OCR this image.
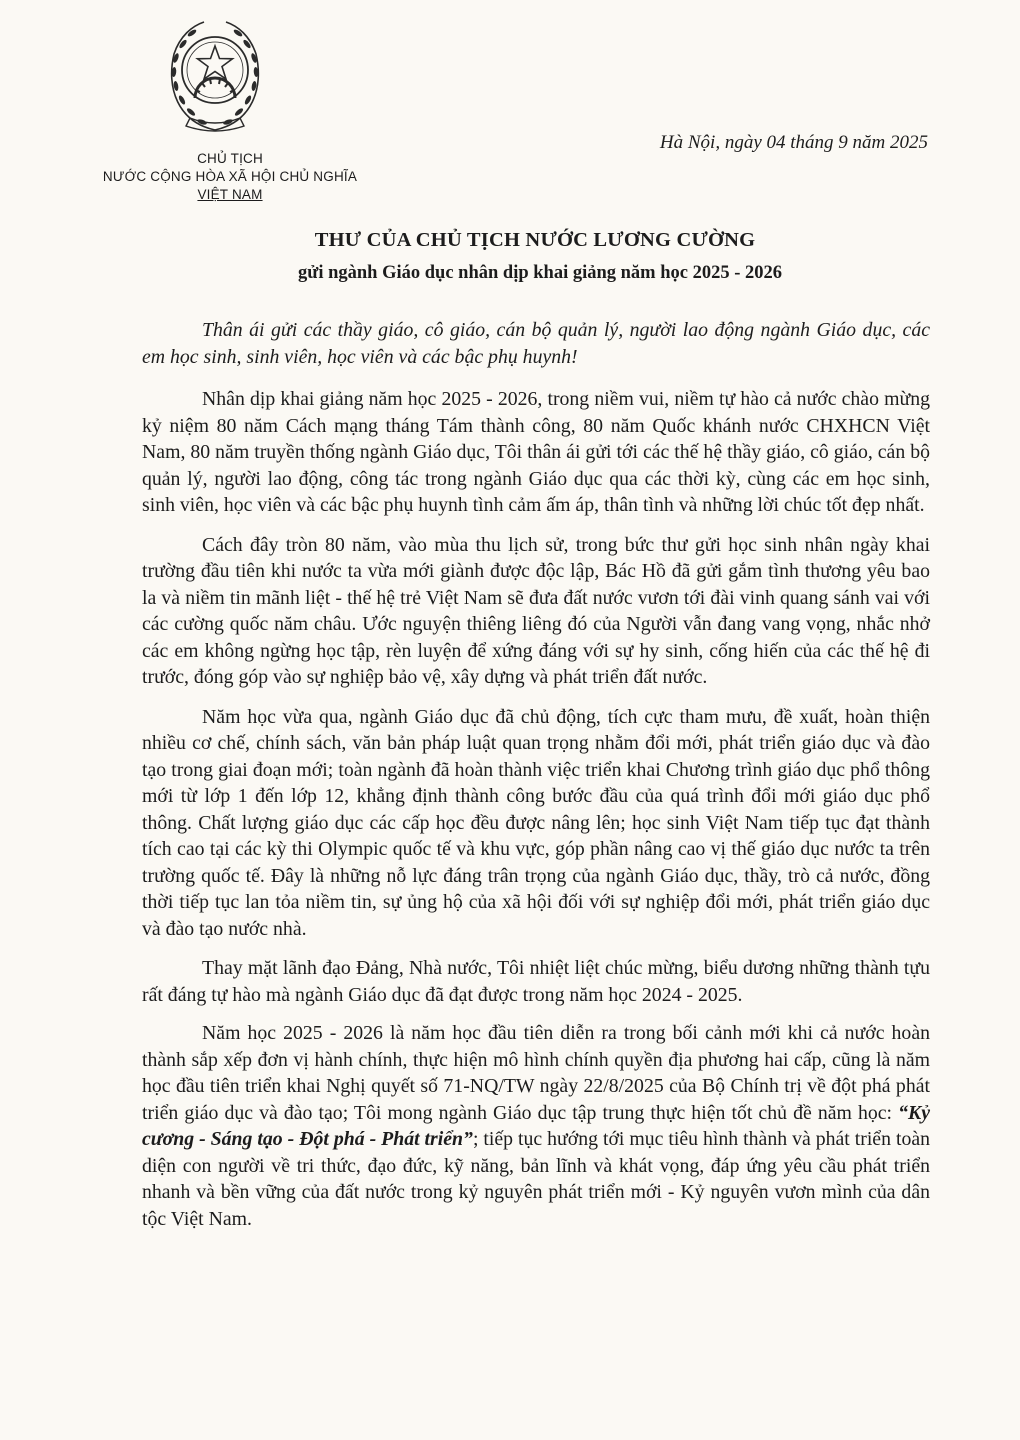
CHỦ TỊCH
NƯỚC CỘNG HÒA XÃ HỘI CHỦ NGHĨA
VIỆT NAM
Hà Nội, ngày 04 tháng 9 năm 2025
THƯ CỦA CHỦ TỊCH NƯỚC LƯƠNG CƯỜNG
gửi ngành Giáo dục nhân dịp khai giảng năm học 2025 - 2026

Thân ái gửi các thầy giáo, cô giáo, cán bộ quản lý, người lao động ngành Giáo dục, các em học sinh, sinh viên, học viên và các bậc phụ huynh!

Nhân dịp khai giảng năm học 2025 - 2026, trong niềm vui, niềm tự hào cả nước chào mừng kỷ niệm 80 năm Cách mạng tháng Tám thành công, 80 năm Quốc khánh nước CHXHCN Việt Nam, 80 năm truyền thống ngành Giáo dục, Tôi thân ái gửi tới các thế hệ thầy giáo, cô giáo, cán bộ quản lý, người lao động, công tác trong ngành Giáo dục qua các thời kỳ, cùng các em học sinh, sinh viên, học viên và các bậc phụ huynh tình cảm ấm áp, thân tình và những lời chúc tốt đẹp nhất.

Cách đây tròn 80 năm, vào mùa thu lịch sử, trong bức thư gửi học sinh nhân ngày khai trường đầu tiên khi nước ta vừa mới giành được độc lập, Bác Hồ đã gửi gắm tình thương yêu bao la và niềm tin mãnh liệt - thế hệ trẻ Việt Nam sẽ đưa đất nước vươn tới đài vinh quang sánh vai với các cường quốc năm châu. Ước nguyện thiêng liêng đó của Người vẫn đang vang vọng, nhắc nhở các em không ngừng học tập, rèn luyện để xứng đáng với sự hy sinh, cống hiến của các thế hệ đi trước, đóng góp vào sự nghiệp bảo vệ, xây dựng và phát triển đất nước.

Năm học vừa qua, ngành Giáo dục đã chủ động, tích cực tham mưu, đề xuất, hoàn thiện nhiều cơ chế, chính sách, văn bản pháp luật quan trọng nhằm đổi mới, phát triển giáo dục và đào tạo trong giai đoạn mới; toàn ngành đã hoàn thành việc triển khai Chương trình giáo dục phổ thông mới từ lớp 1 đến lớp 12, khẳng định thành công bước đầu của quá trình đổi mới giáo dục phổ thông. Chất lượng giáo dục các cấp học đều được nâng lên; học sinh Việt Nam tiếp tục đạt thành tích cao tại các kỳ thi Olympic quốc tế và khu vực, góp phần nâng cao vị thế giáo dục nước ta trên trường quốc tế. Đây là những nỗ lực đáng trân trọng của ngành Giáo dục, thầy, trò cả nước, đồng thời tiếp tục lan tỏa niềm tin, sự ủng hộ của xã hội đối với sự nghiệp đổi mới, phát triển giáo dục và đào tạo nước nhà.

Thay mặt lãnh đạo Đảng, Nhà nước, Tôi nhiệt liệt chúc mừng, biểu dương những thành tựu rất đáng tự hào mà ngành Giáo dục đã đạt được trong năm học 2024 - 2025.

Năm học 2025 - 2026 là năm học đầu tiên diễn ra trong bối cảnh mới khi cả nước hoàn thành sắp xếp đơn vị hành chính, thực hiện mô hình chính quyền địa phương hai cấp, cũng là năm học đầu tiên triển khai Nghị quyết số 71-NQ/TW ngày 22/8/2025 của Bộ Chính trị về đột phá phát triển giáo dục và đào tạo; Tôi mong ngành Giáo dục tập trung thực hiện tốt chủ đề năm học: “Kỷ cương - Sáng tạo - Đột phá - Phát triển”; tiếp tục hướng tới mục tiêu hình thành và phát triển toàn diện con người về tri thức, đạo đức, kỹ năng, bản lĩnh và khát vọng, đáp ứng yêu cầu phát triển nhanh và bền vững của đất nước trong kỷ nguyên phát triển mới - Kỷ nguyên vươn mình của dân tộc Việt Nam.
